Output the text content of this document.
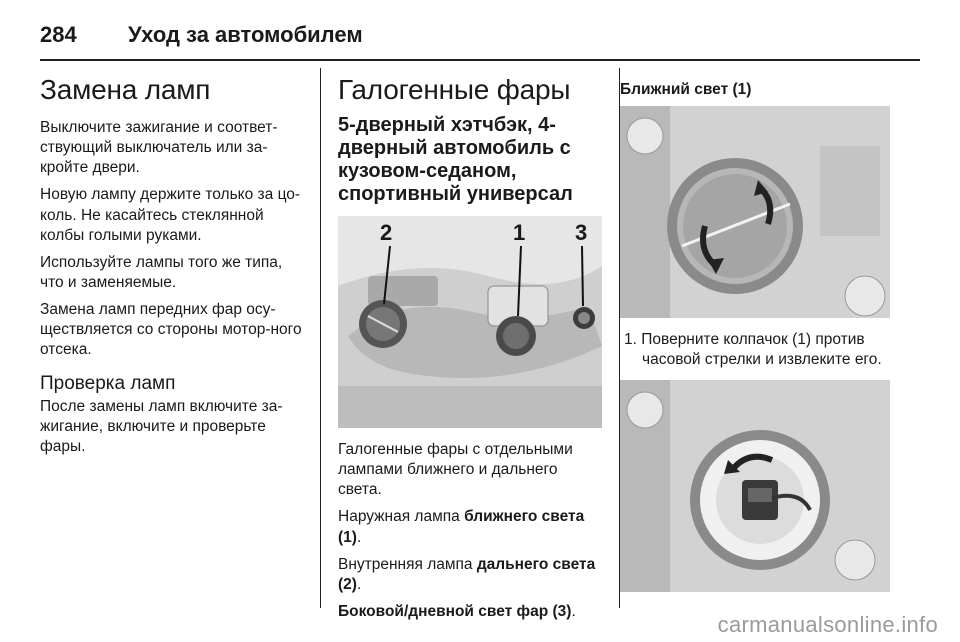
284 Уход за автомобилем
Замена ламп

Выключите зажигание и соответ-ствующий выключатель или за-кройте двери.

Новую лампу держите только за цо-коль. Не касайтесь стеклянной колбы голыми руками.

Используйте лампы того же типа, что и заменяемые.

Замена ламп передних фар осу-ществляется со стороны мотор-ного отсека.

Проверка ламп

После замены ламп включите за-жигание, включите и проверьте фары.

Галогенные фары
5-дверный хэтчбэк, 4-дверный автомобиль с кузовом-седаном, спортивный универсал
2	1 3

Галогенные фары с отдельными лампами ближнего и дальнего света.

Наружная лампа ближнего света (1).

Внутренняя лампа дальнего света (2).

Боковой/дневной свет фар (3).

Ближний свет (1)

1. Поверните колпачок (1) против часовой стрелки и извлеките его.
carmanualsonline.info
